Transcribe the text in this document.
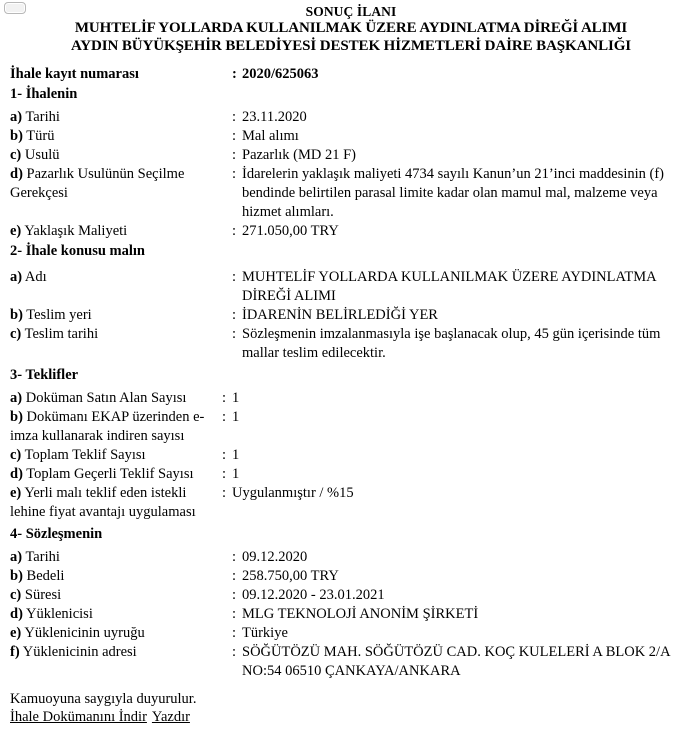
SONUÇ İLANI
MUHTELİF YOLLARDA KULLANILMAK ÜZERE AYDINLATMA DİREĞİ ALIMI
AYDIN BÜYÜKŞEHİR BELEDİYESİ DESTEK HİZMETLERİ DAİRE BAŞKANLIĞI
İhale kayıt numarası	: 2020/625063
1- İhalenin
a) Tarihi	: 23.11.2020
b) Türü	: Mal alımı
c) Usulü	: Pazarlık (MD 21 F)
d) Pazarlık Usulünün Seçilme Gerekçesi
: İdarelerin yaklaşık maliyeti 4734 sayılı Kanun’un 21’inci maddesinin (f) bendinde belirtilen parasal limite kadar olan mamul mal, malzeme veya hizmet alımları.
e) Yaklaşık Maliyeti	: 271.050,00 TRY
2- İhale konusu malın
a) Adı	: MUHTELİF YOLLARDA KULLANILMAK ÜZERE AYDINLATMA DİREĞİ ALIMI
b) Teslim yeri	: İDARENİN BELİRLEDİĞİ YER
c) Teslim tarihi	: Sözleşmenin imzalanmasıyla işe başlanacak olup, 45 gün içerisinde tüm mallar teslim edilecektir.
3- Teklifler
a) Doküman Satın Alan Sayısı	: 1
b) Dokümanı EKAP üzerinden e-imza kullanarak indiren sayısı
: 1
c) Toplam Teklif Sayısı	: 1
d) Toplam Geçerli Teklif Sayısı	: 1
e) Yerli malı teklif eden istekli lehine fiyat avantajı uygulaması
: Uygulanmıştır / %15
4- Sözleşmenin
a) Tarihi	: 09.12.2020
b) Bedeli	: 258.750,00 TRY
c) Süresi	: 09.12.2020 - 23.01.2021
d) Yüklenicisi	: MLG TEKNOLOJİ ANONİM ŞİRKETİ
e) Yüklenicinin uyruğu	: Türkiye
f) Yüklenicinin adresi	: SÖĞÜTÖZÜ MAH. SÖĞÜTÖZÜ CAD. KOÇ KULELERİ A BLOK 2/A NO:54 06510 ÇANKAYA/ANKARA
Kamuoyuna saygıyla duyurulur.
İhale Dokümanını İndir Yazdır
